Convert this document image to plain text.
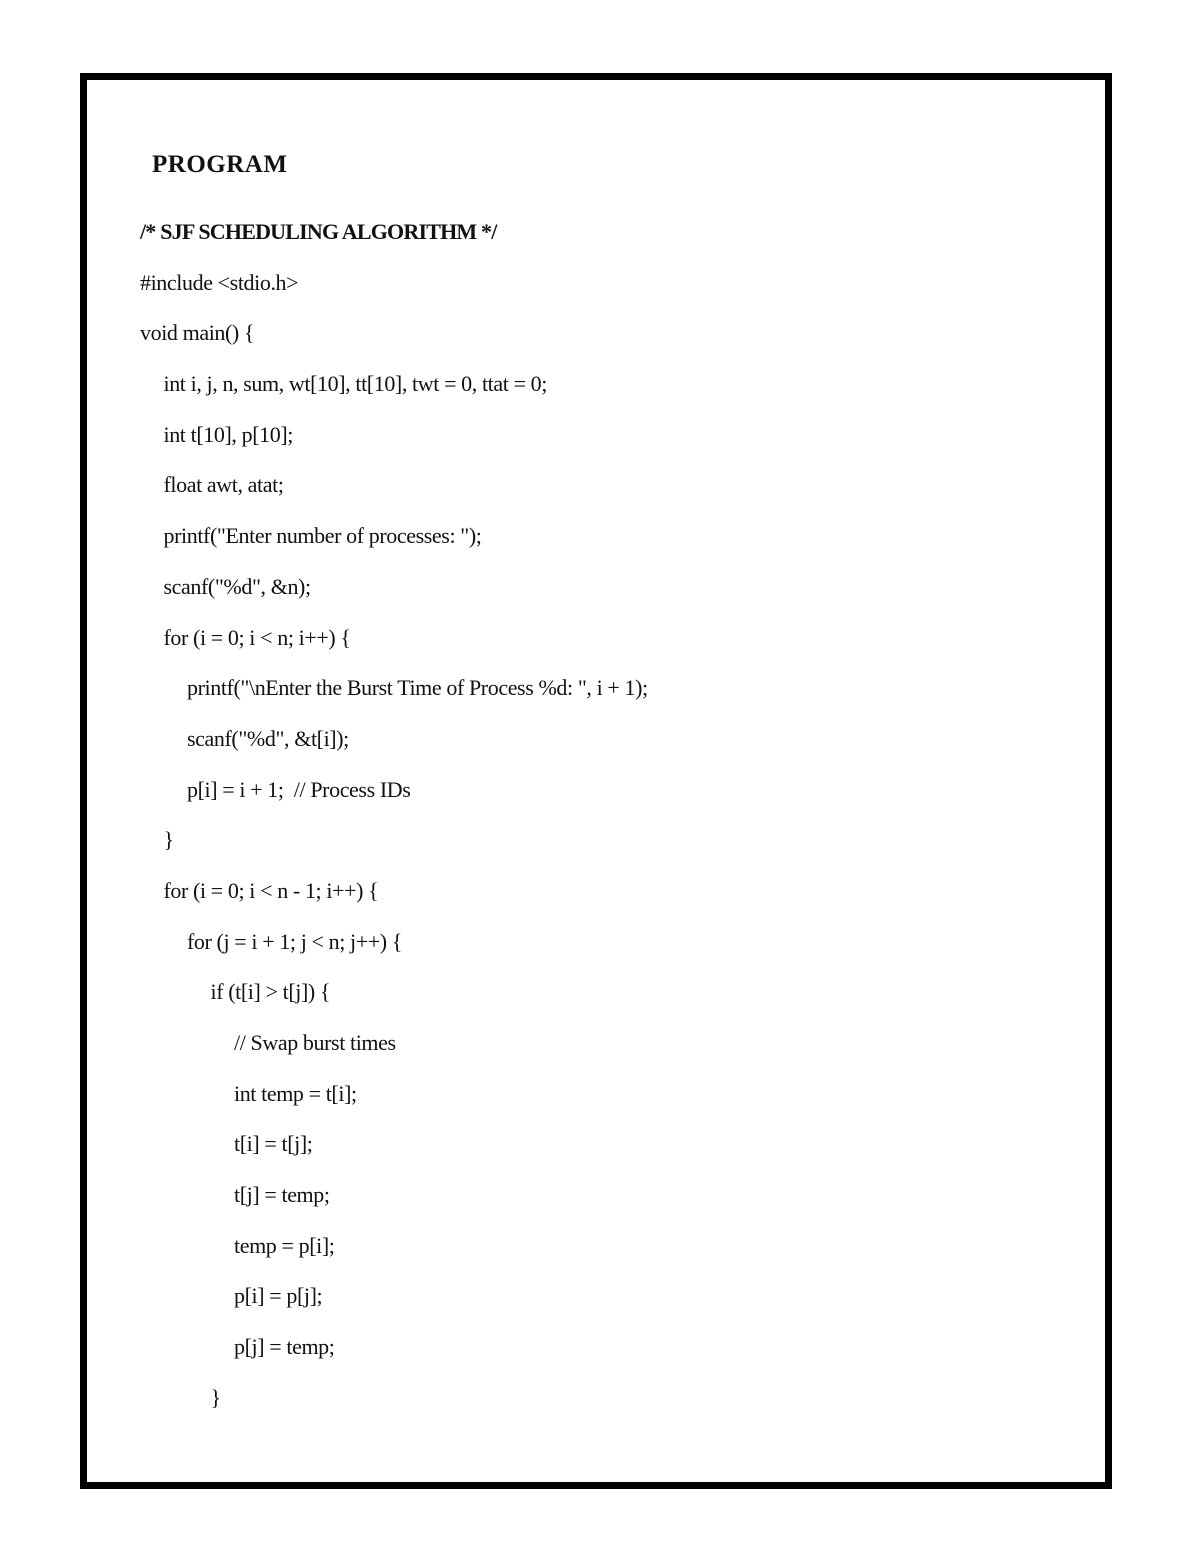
PROGRAM
/* SJF SCHEDULING ALGORITHM */
#include <stdio.h>
void main() {
int i, j, n, sum, wt[10], tt[10], twt = 0, ttat = 0;
int t[10], p[10];
float awt, atat;
printf("Enter number of processes: ");
scanf("%d", &n);
for (i = 0; i < n; i++) {
printf("\nEnter the Burst Time of Process %d: ", i + 1);
scanf("%d", &t[i]);
p[i] = i + 1;  // Process IDs
}
for (i = 0; i < n - 1; i++) {
for (j = i + 1; j < n; j++) {
if (t[i] > t[j]) {
// Swap burst times
int temp = t[i];
t[i] = t[j];
t[j] = temp;
temp = p[i];
p[i] = p[j];
p[j] = temp;
}
